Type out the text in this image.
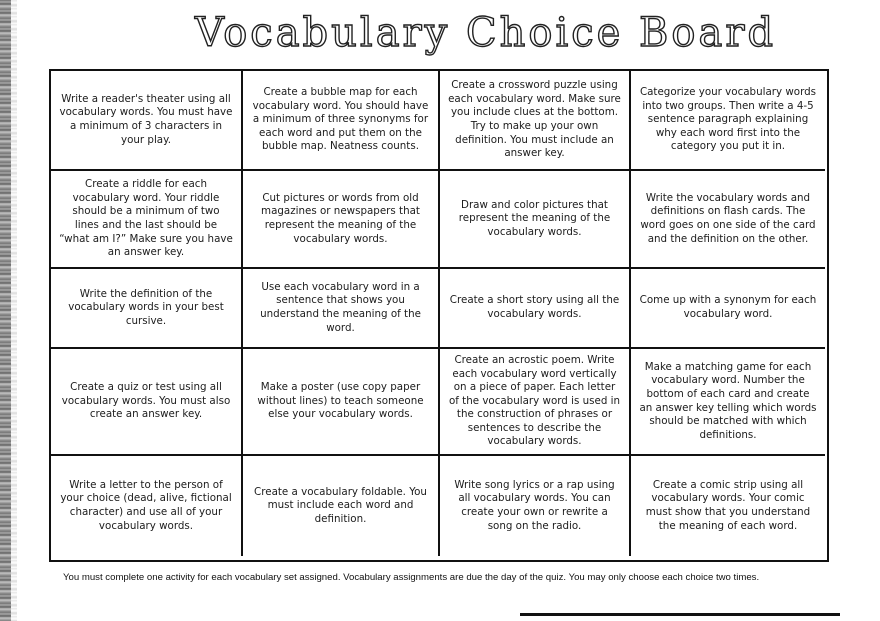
Vocabulary Choice Board
Write a reader's theater using all vocabulary words. You must have a minimum of 3 characters in your play.
Create a bubble map for each vocabulary word. You should have a minimum of three synonyms for each word and put them on the bubble map. Neatness counts.
Create a crossword puzzle using each vocabulary word. Make sure you include clues at the bottom. Try to make up your own definition. You must include an answer key.
Categorize your vocabulary words into two groups. Then write a 4-5 sentence paragraph explaining why each word first into the category you put it in.
Create a riddle for each vocabulary word. Your riddle should be a minimum of two lines and the last should be “what am I?” Make sure you have an answer key.
Cut pictures or words from old magazines or newspapers that represent the meaning of the vocabulary words.
Draw and color pictures that represent the meaning of the vocabulary words.
Write the vocabulary words and definitions on flash cards. The word goes on one side of the card and the definition on the other.
Write the definition of the vocabulary words in your best cursive.
Use each vocabulary word in a sentence that shows you understand the meaning of the word.
Create a short story using all the vocabulary words.
Come up with a synonym for each vocabulary word.
Create a quiz or test using all vocabulary words. You must also create an answer key.
Make a poster (use copy paper without lines) to teach someone else your vocabulary words.
Create an acrostic poem. Write each vocabulary word vertically on a piece of paper. Each letter of the vocabulary word is used in the construction of phrases or sentences to describe the vocabulary words.
Make a matching game for each vocabulary word. Number the bottom of each card and create an answer key telling which words should be matched with which definitions.
Write a letter to the person of your choice (dead, alive, fictional character) and use all of your vocabulary words.
Create a vocabulary foldable. You must include each word and definition.
Write song lyrics or a rap using all vocabulary words. You can create your own or rewrite a song on the radio.
Create a comic strip using all vocabulary words. Your comic must show that you understand the meaning of each word.

You must complete one activity for each vocabulary set assigned. Vocabulary assignments are due the day of the quiz. You may only choose each choice two times.
